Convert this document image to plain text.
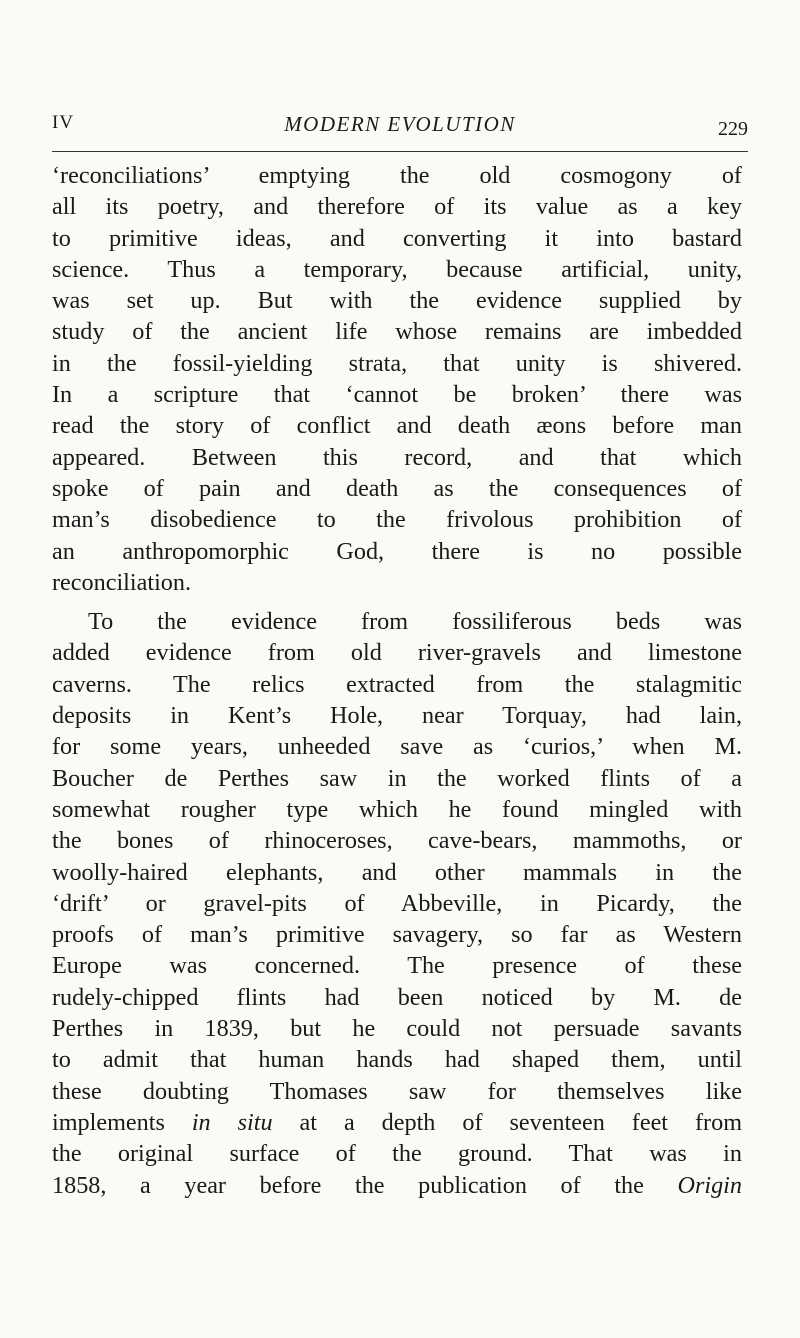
IV	MODERN EVOLUTION	229
‘reconciliations’ emptying the old cosmogony of
all its poetry, and therefore of its value as a key
to primitive ideas, and converting it into bastard
science. Thus a temporary, because artificial, unity,
was set up. But with the evidence supplied by
study of the ancient life whose remains are imbedded
in the fossil-yielding strata, that unity is shivered.
In a scripture that ‘cannot be broken’ there was
read the story of conflict and death æons before man
appeared. Between this record, and that which
spoke of pain and death as the consequences of
man’s disobedience to the frivolous prohibition of
an anthropomorphic God, there is no possible
reconciliation.
To the evidence from fossiliferous beds was
added evidence from old river-gravels and limestone
caverns. The relics extracted from the stalagmitic
deposits in Kent’s Hole, near Torquay, had lain,
for some years, unheeded save as ‘curios,’ when M.
Boucher de Perthes saw in the worked flints of a
somewhat rougher type which he found mingled with
the bones of rhinoceroses, cave-bears, mammoths, or
woolly-haired elephants, and other mammals in the
‘drift’ or gravel-pits of Abbeville, in Picardy, the
proofs of man’s primitive savagery, so far as Western
Europe was concerned. The presence of these
rudely-chipped flints had been noticed by M. de
Perthes in 1839, but he could not persuade savants
to admit that human hands had shaped them, until
these doubting Thomases saw for themselves like
implements in situ at a depth of seventeen feet from
the original surface of the ground. That was in
1858, a year before the publication of the Origin
